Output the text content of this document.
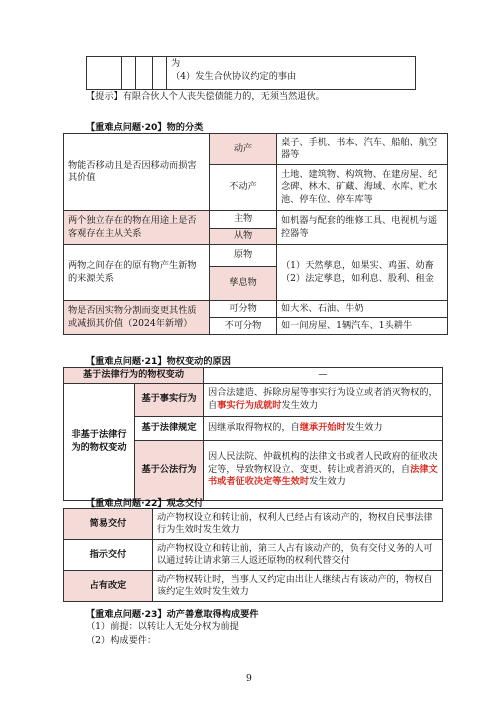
为
（4）发生合伙协议约定的事由
【提示】有限合伙人个人丧失偿债能力的，无须当然退伙。
【重难点问题·20】物的分类
物能否移动且是否因移动而损害其价值	动产	桌子、手机、书本、汽车、船舶、航空器等
	不动产	土地、建筑物、构筑物、在建房屋、纪念碑、林木、矿藏、海域、水库、贮水池、停车位、停车库等
两个独立存在的物在用途上是否客观存在主从关系	主物	如机器与配套的维修工具、电视机与遥控器等
	从物	
两物之间存在的原有物产生新物的来源关系	原物	（1）天然孳息，如果实、鸡蛋、幼畜
（2）法定孳息，如利息、股利、租金

	孳息物	
物是否因实物分割而变更其性质或减损其价值（2024年新增）	可分物	如大米、石油、牛奶
	不可分物	如一间房屋、1辆汽车、1头耕牛
【重难点问题·21】物权变动的原因
基于法律行为的物权变动		—
非基于法律行为的物权变动	基于事实行为	因合法建造、拆除房屋等事实行为设立或者消灭物权的，自事实行为成就时发生效力
	基于法律规定	因继承取得物权的，自继承开始时发生效力
	基于公法行为	因人民法院、仲裁机构的法律文书或者人民政府的征收决定等，导致物权设立、变更、转让或者消灭的，自法律文书或者征收决定等生效时发生效力
【重难点问题·22】观念交付
简易交付	动产物权设立和转让前，权利人已经占有该动产的，物权自民事法律行为生效时发生效力
指示交付	动产物权设立和转让前，第三人占有该动产的，负有交付义务的人可以通过转让请求第三人返还原物的权利代替交付
占有改定	动产物权转让时，当事人又约定由出让人继续占有该动产的，物权自该约定生效时发生效力
【重难点问题·23】动产善意取得构成要件
（1）前提：以转让人无处分权为前提
（2）构成要件：
9
